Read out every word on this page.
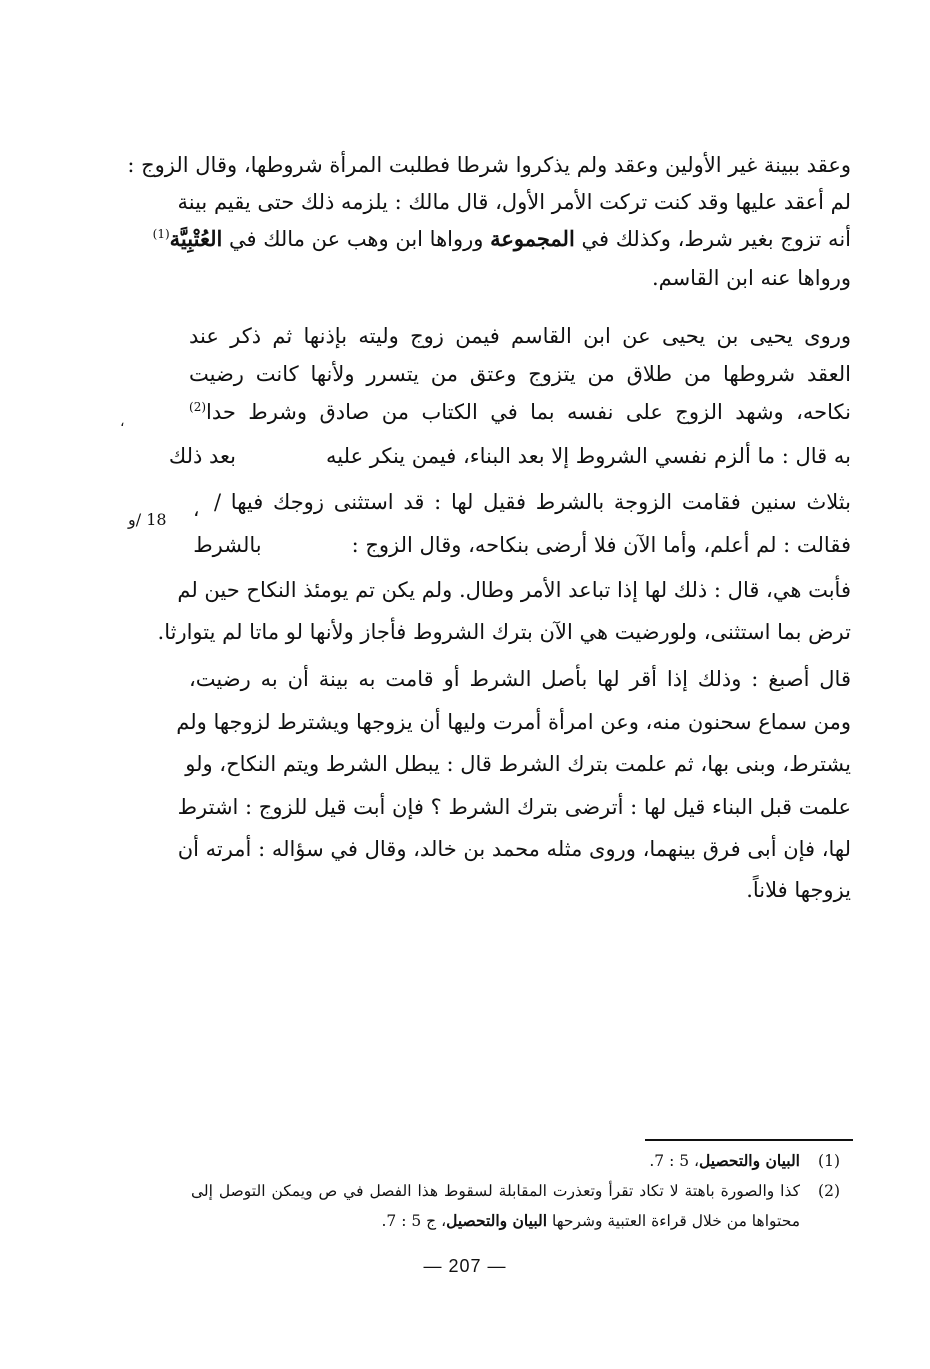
وعقد ببينة غير الأولين وعقد ولم يذكروا شرطا فطلبت المرأة شروطها، وقال الزوج :
لم أعقد عليها وقد كنت تركت الأمر الأول، قال مالك : يلزمه ذلك حتى يقيم بينة
أنه تزوج بغير شرط، وكذلك في المجموعة ورواها ابن وهب عن مالك في العُتْبِيَّة$^{(1)}$
ورواها عنه ابن القاسم.
وروى يحيى بن يحيى عن ابن القاسم فيمن زوج وليته بإذنها ثم ذكر عند
العقد شروطها من طلاق من يتزوج وعتق من يتسرر ولأنها كانت رضيت
نكاحه، وشهد الزوج على نفسه بما في الكتاب من صادق وشرط حدا$^{(2)}$
به قال : ما ألزم نفسي الشروط إلا بعد البناء، فيمن ينكر عليهبعد ذلك
بثلاث سنين فقامت الزوجة بالشرط فقيل لها : قد استثنى زوجك فيها /
فقالت : لم أعلم، وأما الآن فلا أرضى بنكاحه، وقال الزوج :بالشرط
فأبت هي، قال : ذلك لها إذا تباعد الأمر وطال. ولم يكن تم يومئذ النكاح حين لم
ترض بما استثنى، ولورضيت هي الآن بترك الشروط فأجاز ولأنها لو ماتا لم يتوارثا.
قال أصبغ : وذلك إذا أقر لها بأصل الشرط أو قامت به بينة أن به رضيت،
ومن سماع سحنون منه، وعن امرأة أمرت وليها أن يزوجها ويشترط لزوجها ولم
يشترط، وبنى بها، ثم علمت بترك الشرط قال : يبطل الشرط ويتم النكاح، ولو
علمت قبل البناء قيل لها : أترضى بترك الشرط ؟ فإن أبت قيل للزوج : اشترط
لها، فإن أبى فرق بينهما، وروى مثله محمد بن خالد، وقال في سؤاله : أمرته أن
يزوجها فلاناً.
18 /و ،
،
(1)
البيان والتحصيل، 5 : 7.
(2)
كذا والصورة باهتة لا تكاد تقرأ وتعذرت المقابلة لسقوط هذا الفصل في ص ويمكن التوصل إلى
محتواها من خلال قراءة العتبية وشرحها البيان والتحصيل، ج 5 : 7.
— 207 —
